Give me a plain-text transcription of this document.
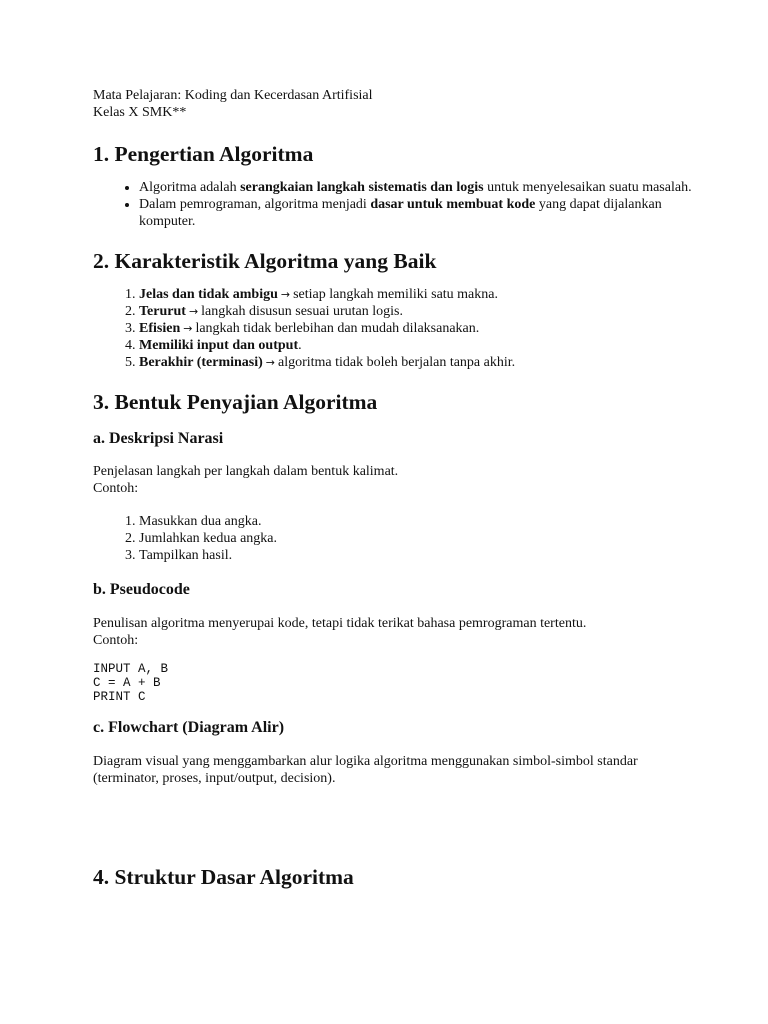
Mata Pelajaran: Koding dan Kecerdasan Artifisial

Kelas X SMK**

1. Pengertian Algoritma
• Algoritma adalah serangkaian langkah sistematis dan logis untuk menyelesaikan suatu masalah.
• Dalam pemrograman, algoritma menjadi dasar untuk membuat kode yang dapat dijalankan komputer.
2. Karakteristik Algoritma yang Baik
1. Jelas dan tidak ambigu → setiap langkah memiliki satu makna.
2. Terurut → langkah disusun sesuai urutan logis.
3. Efisien → langkah tidak berlebihan dan mudah dilaksanakan.
4. Memiliki input dan output.
5. Berakhir (terminasi) → algoritma tidak boleh berjalan tanpa akhir.
3. Bentuk Penyajian Algoritma
a. Deskripsi Narasi

Penjelasan langkah per langkah dalam bentuk kalimat.

Contoh:

1. Masukkan dua angka.
2. Jumlahkan kedua angka.
3. Tampilkan hasil.
b. Pseudocode

Penulisan algoritma menyerupai kode, tetapi tidak terikat bahasa pemrograman tertentu.

Contoh:

INPUT A, B
C = A + B
PRINT C
c. Flowchart (Diagram Alir)

Diagram visual yang menggambarkan alur logika algoritma menggunakan simbol-simbol standar (terminator, proses, input/output, decision).

4. Struktur Dasar Algoritma
